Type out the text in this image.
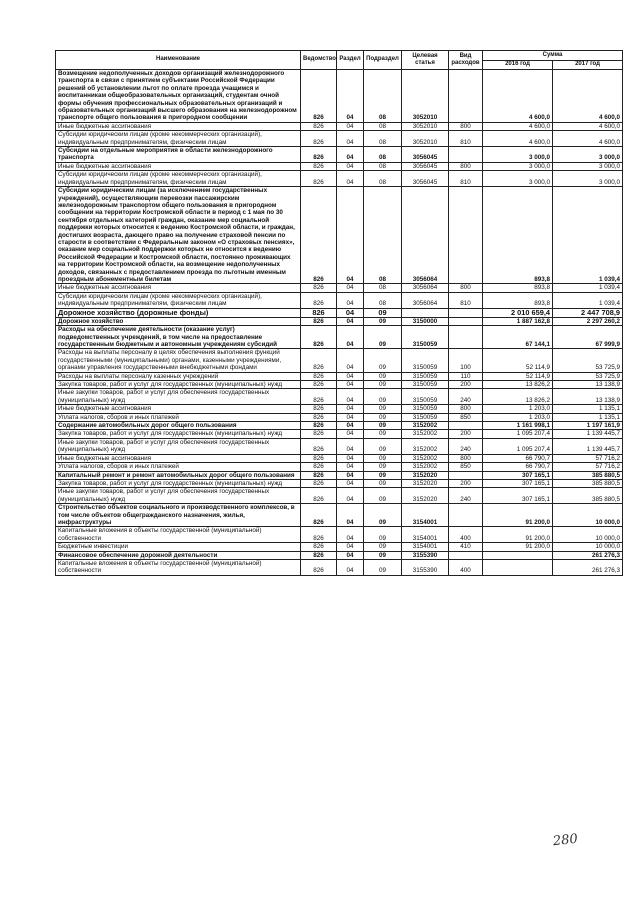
Наименование	Ведомство	Раздел	Подраздел	Целевая статья	Вид расходов	Сумма	
						2016 год	2017 год
Возмещение недополученных доходов организаций железнодорожного транспорта в связи с принятием субъектами Российской Федерации решений об установлении льгот по оплате проезда учащимся и воспитанникам общеобразовательных организаций, студентам очной формы обучения профессиональных образовательных организаций и образовательных организаций высшего образования на железнодорожном транспорте общего пользования в пригородном сообщении	826	04	08	3052010		4 600,0	4 600,0
Иные бюджетные ассигнования	826	04	08	3052010	800	4 600,0	4 600,0
Субсидии юридическим лицам (кроме некоммерческих организаций), индивидуальным предпринимателям, физическим лицам	826	04	08	3052010	810	4 600,0	4 600,0
Субсидии на отдельные мероприятия в области железнодорожного транспорта	826	04	08	3056045		3 000,0	3 000,0
Иные бюджетные ассигнования	826	04	08	3056045	800	3 000,0	3 000,0
Субсидии юридическим лицам (кроме некоммерческих организаций), индивидуальным предпринимателям, физическим лицам	826	04	08	3056045	810	3 000,0	3 000,0
Субсидии юридическим лицам (за исключением государственных учреждений), осуществляющим перевозки пассажирским железнодорожным транспортом общего пользования в пригородном сообщении на территории Костромской области в период с 1 мая по 30 сентября отдельных категорий граждан, оказание мер социальной поддержки которых относится к ведению Костромской области, и граждан, достигших возраста, дающего право на получение страховой пенсии по старости в соответствии с Федеральным законом «О страховых пенсиях», оказание мер социальной поддержки которых не относится к ведению Российской Федерации и Костромской области, постоянно проживающих на территории Костромской области, на возмещение недополученных доходов, связанных с предоставлением проезда по льготным именным проездным абонементным билетам	826	04	08	3056064		893,8	1 039,4
Иные бюджетные ассигнования	826	04	08	3056064	800	893,8	1 039,4
Субсидии юридическим лицам (кроме некоммерческих организаций), индивидуальным предпринимателям, физическим лицам	826	04	08	3056064	810	893,8	1 039,4
Дорожное хозяйство (дорожные фонды)	826	04	09			2 010 659,4	2 447 708,9
Дорожное хозяйство	826	04	09	3150000		1 887 162,8	2 297 260,2
Расходы на обеспечение деятельности (оказание услуг) подведомственных учреждений, в том числе на предоставление государственным бюджетным и автономным учреждениям субсидий	826	04	09	3150059		67 144,1	67 999,9
Расходы на выплаты персоналу в целях обеспечения выполнения функций государственными (муниципальными) органами, казенными учреждениями, органами управления государственными внебюджетными фондами	826	04	09	3150059	100	52 114,9	53 725,9
Расходы на выплаты персоналу казенных учреждений	826	04	09	3150059	110	52 114,9	53 725,9
Закупка товаров, работ и услуг для государственных (муниципальных) нужд	826	04	09	3150059	200	13 826,2	13 138,9
Иные закупки товаров, работ и услуг для обеспечения государственных (муниципальных) нужд	826	04	09	3150059	240	13 826,2	13 138,9
Иные бюджетные ассигнования	826	04	09	3150059	800	1 203,0	1 135,1
Уплата налогов, сборов и иных платежей	826	04	09	3150059	850	1 203,0	1 135,1
Содержание автомобильных дорог общего пользования	826	04	09	3152002		1 161 998,1	1 197 161,9
Закупка товаров, работ и услуг для государственных (муниципальных) нужд	826	04	09	3152002	200	1 095 207,4	1 139 445,7
Иные закупки товаров, работ и услуг для обеспечения государственных (муниципальных) нужд	826	04	09	3152002	240	1 095 207,4	1 139 445,7
Иные бюджетные ассигнования	826	04	09	3152002	800	66 790,7	57 716,2
Уплата налогов, сборов и иных платежей	826	04	09	3152002	850	66 790,7	57 716,2
Капитальный ремонт и ремонт автомобильных дорог общего пользования	826	04	09	3152020		307 165,1	385 880,5
Закупка товаров, работ и услуг для государственных (муниципальных) нужд	826	04	09	3152020	200	307 165,1	385 880,5
Иные закупки товаров, работ и услуг для обеспечения государственных (муниципальных) нужд	826	04	09	3152020	240	307 165,1	385 880,5
Строительство объектов социального и производственного комплексов, в том числе объектов общегражданского назначения, жилья, инфраструктуры	826	04	09	3154001		91 200,0	10 000,0
Капитальные вложения в объекты государственной (муниципальной) собственности	826	04	09	3154001	400	91 200,0	10 000,0
Бюджетные инвестиции	826	04	09	3154001	410	91 200,0	10 000,0
Финансовое обеспечение дорожной деятельности	826	04	09	3155390			261 276,3
Капитальные вложения в объекты государственной (муниципальной) собственности	826	04	09	3155390	400		261 276,3
280
